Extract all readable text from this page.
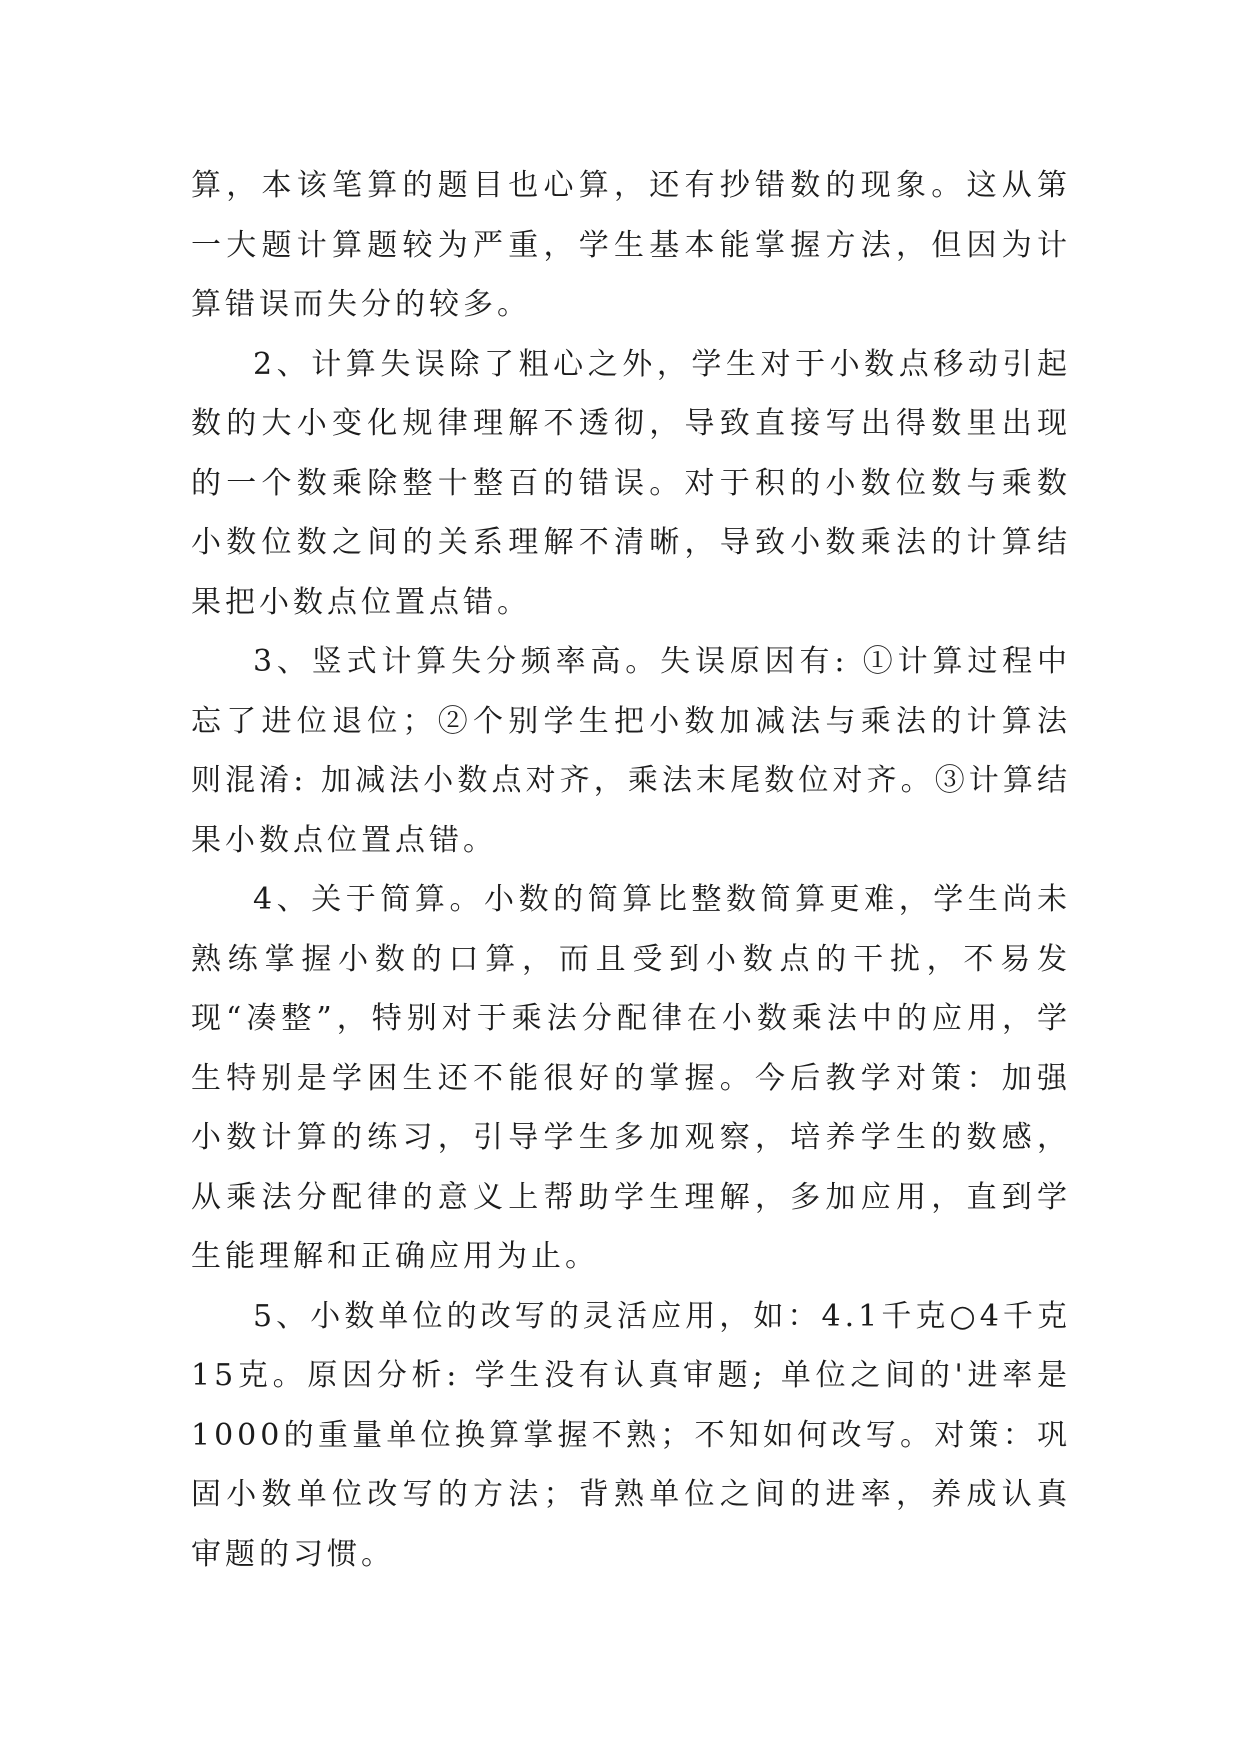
算，本该笔算的题目也心算，还有抄错数的现象。这从第一大题计算题较为严重，学生基本能掌握方法，但因为计算错误而失分的较多。

2、计算失误除了粗心之外，学生对于小数点移动引起数的大小变化规律理解不透彻，导致直接写出得数里出现的一个数乘除整十整百的错误。对于积的小数位数与乘数小数位数之间的关系理解不清晰，导致小数乘法的计算结果把小数点位置点错。

3、竖式计算失分频率高。失误原因有: ①计算过程中忘了进位退位；②个别学生把小数加减法与乘法的计算法则混淆: 加减法小数点对齐，乘法末尾数位对齐。③计算结果小数点位置点错。

4、关于简算。小数的简算比整数简算更难，学生尚未熟练掌握小数的口算，而且受到小数点的干扰，不易发现“凑整”，特别对于乘法分配律在小数乘法中的应用，学生特别是学困生还不能很好的掌握。今后教学对策：加强小数计算的练习，引导学生多加观察，培养学生的数感，从乘法分配律的意义上帮助学生理解，多加应用，直到学生能理解和正确应用为止。

5、小数单位的改写的灵活应用，如：4.1千克○4千克15克。原因分析: 学生没有认真审题; 单位之间的'进率是1000的重量单位换算掌握不熟；不知如何改写。对策：巩固小数单位改写的方法；背熟单位之间的进率，养成认真审题的习惯。
